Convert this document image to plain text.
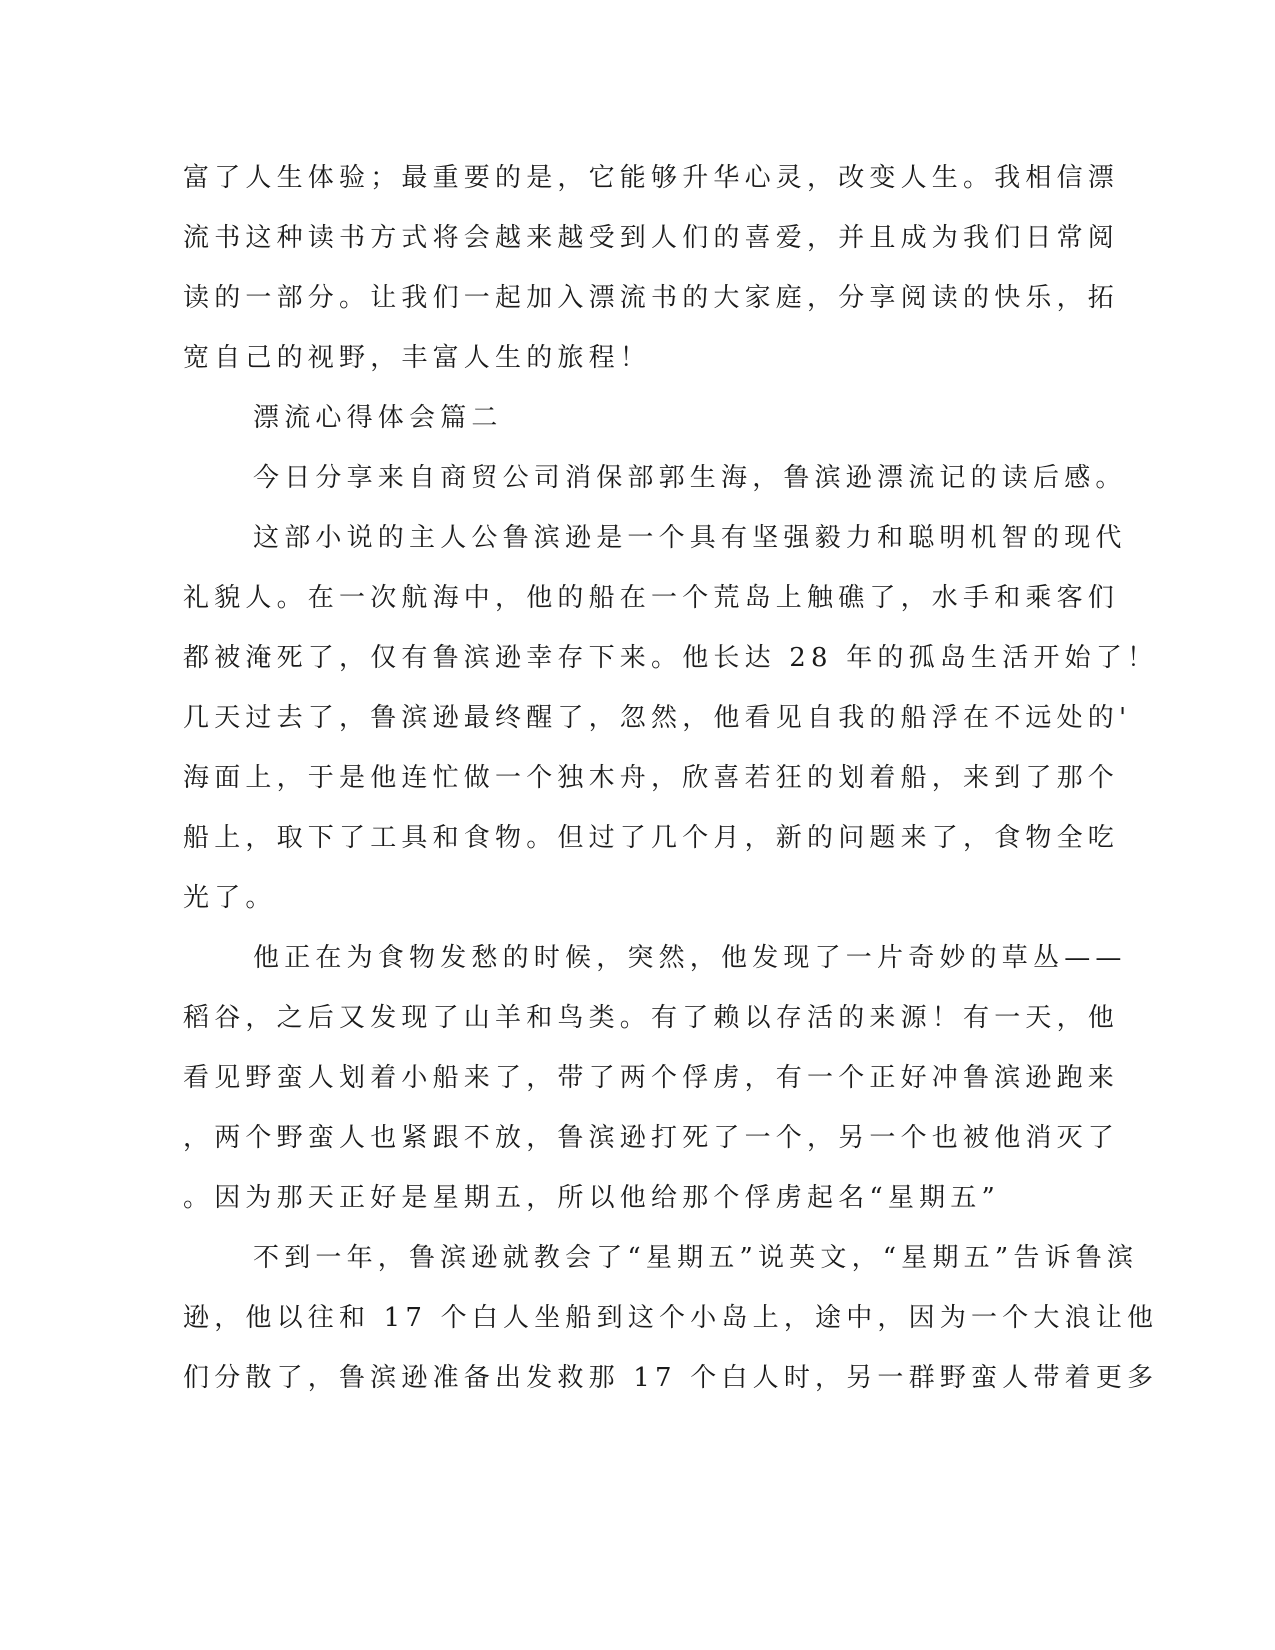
富了人生体验；最重要的是，它能够升华心灵，改变人生。我相信漂
流书这种读书方式将会越来越受到人们的喜爱，并且成为我们日常阅
读的一部分。让我们一起加入漂流书的大家庭，分享阅读的快乐，拓
宽自己的视野，丰富人生的旅程！
漂流心得体会篇二
今日分享来自商贸公司消保部郭生海，鲁滨逊漂流记的读后感。
这部小说的主人公鲁滨逊是一个具有坚强毅力和聪明机智的现代
礼貌人。在一次航海中，他的船在一个荒岛上触礁了，水手和乘客们
都被淹死了，仅有鲁滨逊幸存下来。他长达 28 年的孤岛生活开始了！
几天过去了，鲁滨逊最终醒了，忽然，他看见自我的船浮在不远处的'
海面上，于是他连忙做一个独木舟，欣喜若狂的划着船，来到了那个
船上，取下了工具和食物。但过了几个月，新的问题来了，食物全吃
光了。
他正在为食物发愁的时候，突然，他发现了一片奇妙的草丛——
稻谷，之后又发现了山羊和鸟类。有了赖以存活的来源！有一天，他
看见野蛮人划着小船来了，带了两个俘虏，有一个正好冲鲁滨逊跑来
，两个野蛮人也紧跟不放，鲁滨逊打死了一个，另一个也被他消灭了
。因为那天正好是星期五，所以他给那个俘虏起名“星期五”
不到一年，鲁滨逊就教会了“星期五”说英文，“星期五”告诉鲁滨
逊，他以往和 17 个白人坐船到这个小岛上，途中，因为一个大浪让他
们分散了，鲁滨逊准备出发救那 17 个白人时，另一群野蛮人带着更多
